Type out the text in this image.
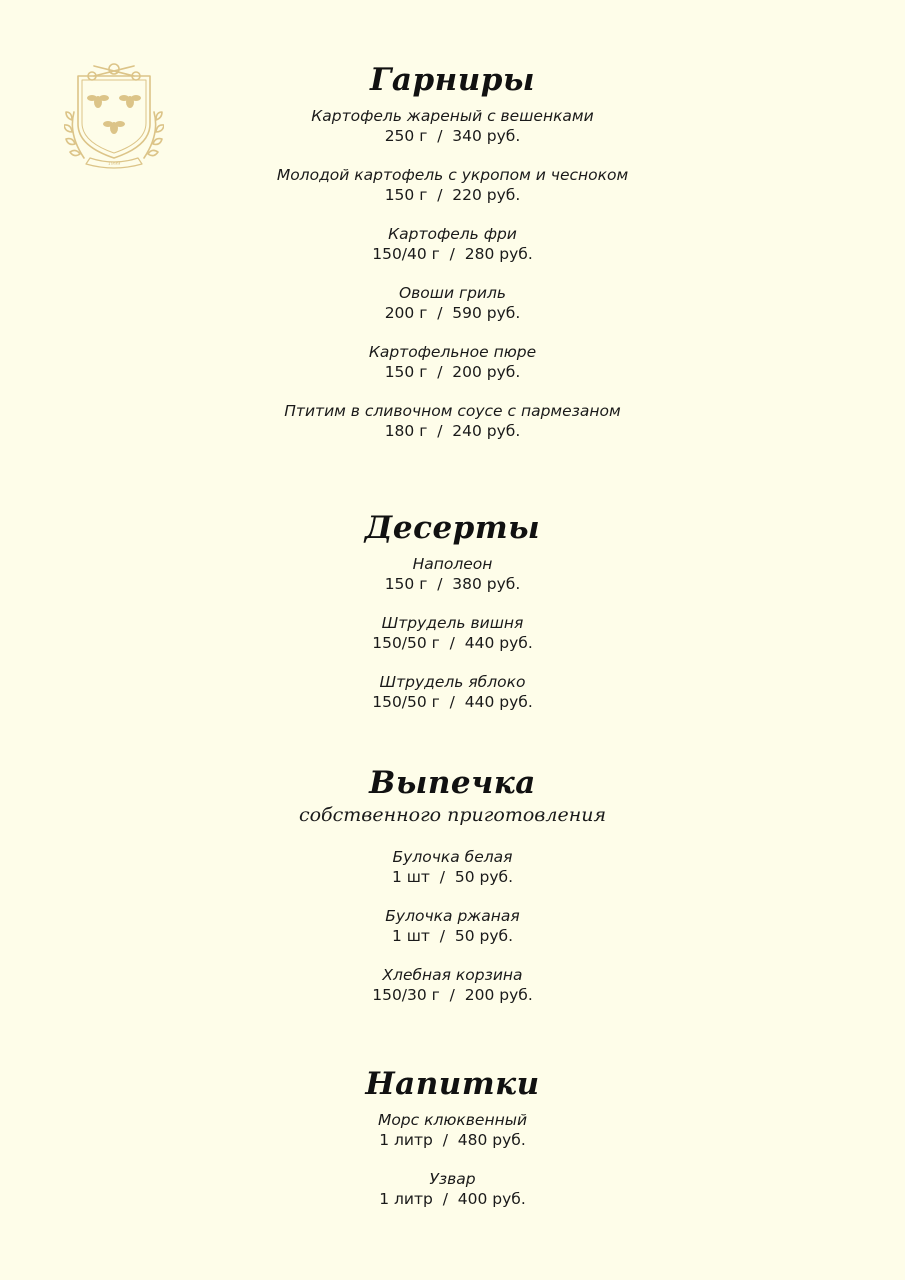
1999
Гарниры
Картофель жареный с вешенками
250 г  /  340 руб.
Молодой картофель с укропом и чесноком
150 г  /  220 руб.
Картофель фри
150/40 г  /  280 руб.
Овоши гриль
200 г  /  590 руб.
Картофельное пюре
150 г  /  200 руб.
Птитим в сливочном соусе с пармезаном
180 г  /  240 руб.
Десерты
Наполеон
150 г  /  380 руб.
Штрудель вишня
150/50 г  /  440 руб.
Штрудель яблоко
150/50 г  /  440 руб.
Выпечка
собственного приготовления
Булочка белая
1 шт  /  50 руб.
Булочка ржаная
1 шт  /  50 руб.
Хлебная корзина
150/30 г  /  200 руб.
Напитки
Морс клюквенный
1 литр  /  480 руб.
Узвар
1 литр  /  400 руб.
